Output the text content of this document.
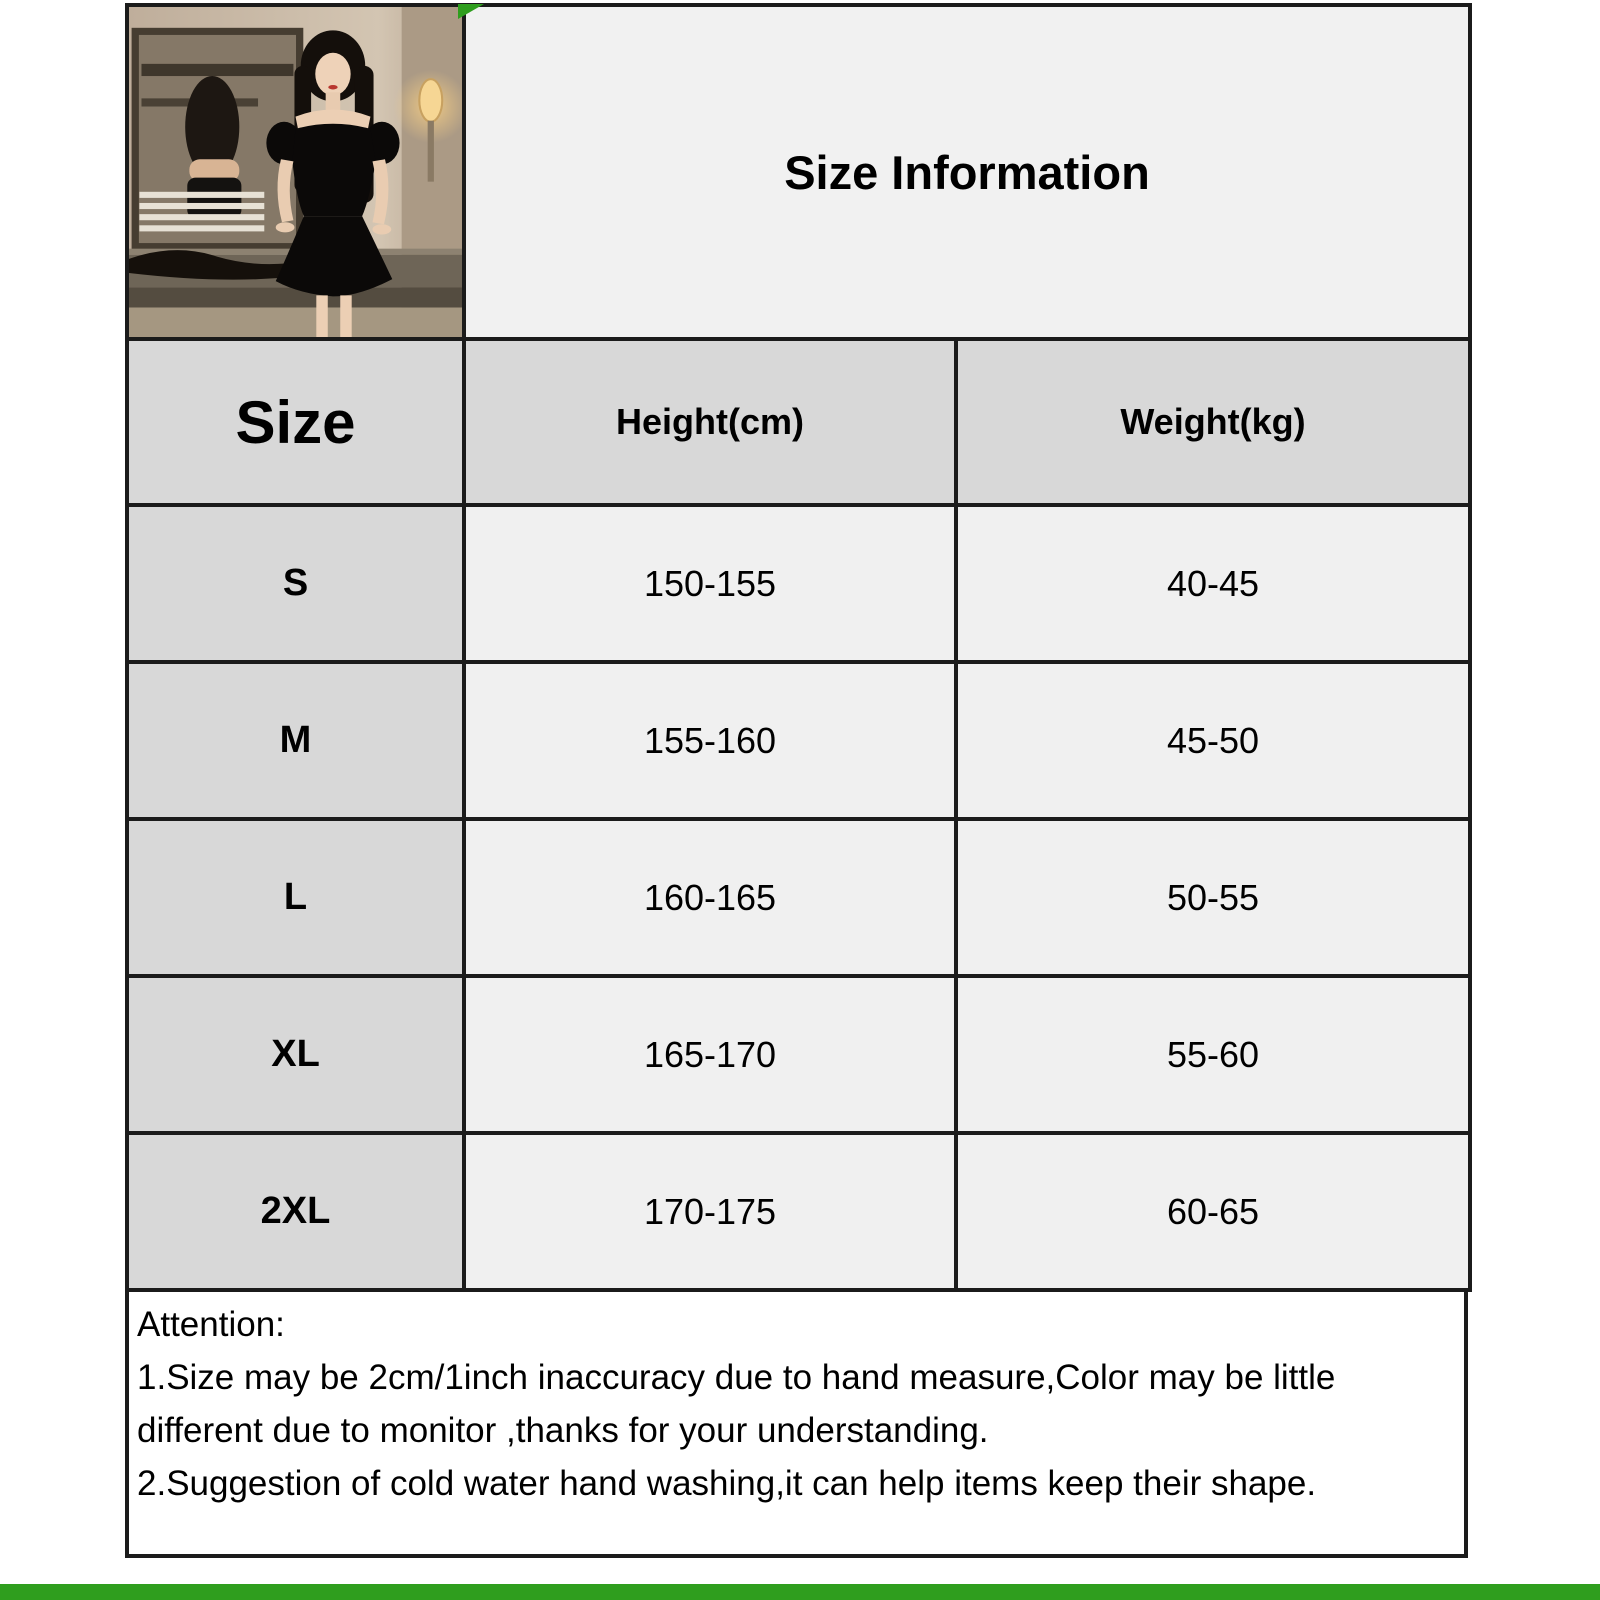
	Size Information	
Size	Height(cm)	Weight(kg)
S	150-155	40-45
M	155-160	45-50
L	160-165	50-55
XL	165-170	55-60
2XL	170-175	60-65
Attention:
1.Size may be 2cm/1inch inaccuracy due to hand measure,Color may be little
different due to monitor ,thanks for your understanding.
2.Suggestion of cold water hand washing,it can help items keep their shape.
